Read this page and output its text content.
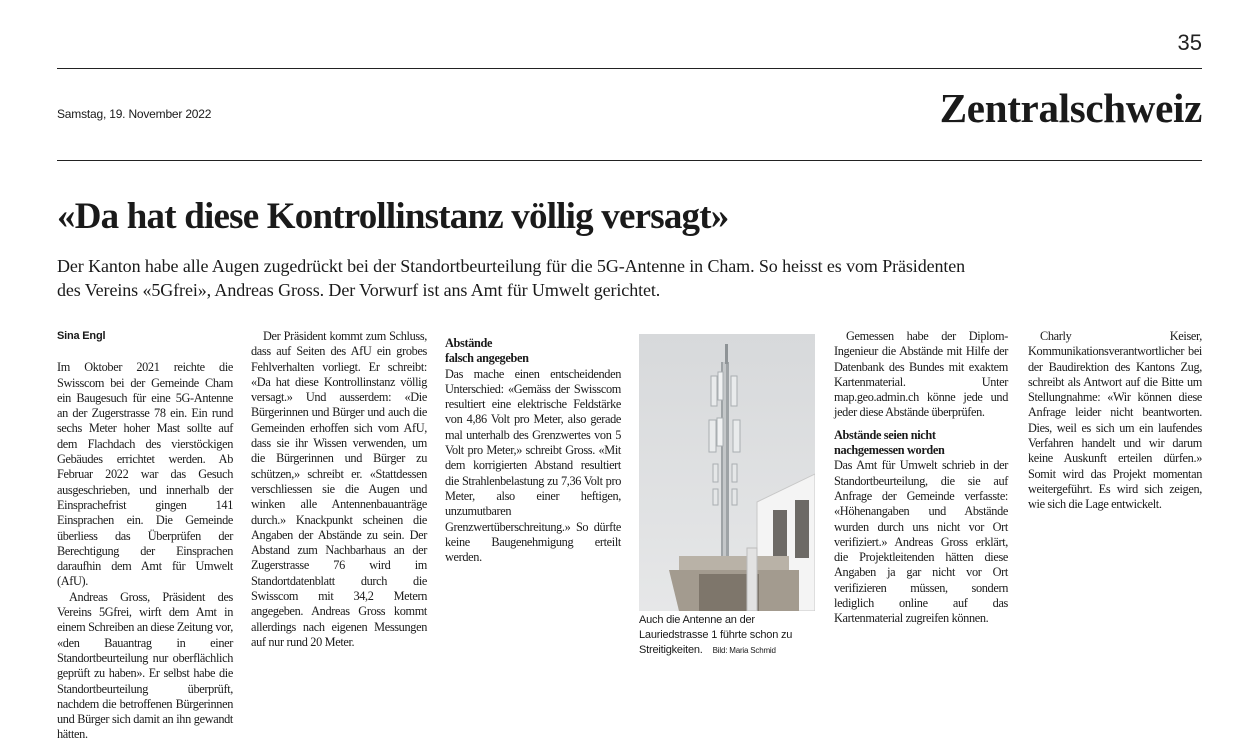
35
Samstag, 19. November 2022	Zentralschweiz
«Da hat diese Kontrollinstanz völlig versagt»
Der Kanton habe alle Augen zugedrückt bei der Standortbeurteilung für die 5G-Antenne in Cham. So heisst es vom Präsidenten
des Vereins «5Gfrei», Andreas Gross. Der Vorwurf ist ans Amt für Umwelt gerichtet.

Sina Engl

Im Oktober 2021 reichte die Swisscom bei der Gemeinde Cham ein Baugesuch für eine 5G-Antenne an der Zugerstrasse 78 ein. Ein rund sechs Meter hoher Mast sollte auf dem Flachdach des vierstöckigen Gebäudes errichtet werden. Ab Februar 2022 war das Gesuch ausgeschrieben, und innerhalb der Einsprachefrist gingen 141 Einsprachen ein. Die Gemeinde überliess das Überprüfen der Berechtigung der Einsprachen daraufhin dem Amt für Umwelt (AfU).

Andreas Gross, Präsident des Vereins 5Gfrei, wirft dem Amt in einem Schreiben an diese Zeitung vor, «den Bauantrag in einer Standortbeurteilung nur oberflächlich geprüft zu haben». Er selbst habe die Standortbeurteilung überprüft, nachdem die betroffenen Bürgerinnen und Bürger sich damit an ihn gewandt hätten.

Der Präsident kommt zum Schluss, dass auf Seiten des AfU ein grobes Fehlverhalten vorliegt. Er schreibt: «Da hat diese Kontrollinstanz völlig versagt.» Und ausserdem: «Die Bürgerinnen und Bürger und auch die Gemeinden erhoffen sich vom AfU, dass sie ihr Wissen verwenden, um die Bürgerinnen und Bürger zu schützen,» schreibt er. «Stattdessen verschliessen sie die Augen und winken alle Antennenbauanträge durch.» Knackpunkt scheinen die Angaben der Abstände zu sein. Der Abstand zum Nachbarhaus an der Zugerstrasse 76 wird im Standortdatenblatt durch die Swisscom mit 34,2 Metern angegeben. Andreas Gross kommt allerdings nach eigenen Messungen auf nur rund 20 Meter.

Abstände
falsch angegeben

Das mache einen entscheidenden Unterschied: «Gemäss der Swisscom resultiert eine elektrische Feldstärke von 4,86 Volt pro Meter, also gerade mal unterhalb des Grenzwertes von 5 Volt pro Meter,» schreibt Gross. «Mit dem korrigierten Abstand resultiert die Strahlenbelastung zu 7,36 Volt pro Meter, also einer heftigen, unzumutbaren Grenzwertüberschreitung.» So dürfte keine Baugenehmigung erteilt werden.

Auch die Antenne an der Lauriedstrasse 1 führte schon zu Streitigkeiten. Bild: Maria Schmid

Gemessen habe der Diplom-Ingenieur die Abstände mit Hilfe der Datenbank des Bundes mit exaktem Kartenmaterial. Unter map.geo.admin.ch könne jede und jeder diese Abstände überprüfen.

Abstände seien nicht
nachgemessen worden

Das Amt für Umwelt schrieb in der Standortbeurteilung, die sie auf Anfrage der Gemeinde verfasste: «Höhenangaben und Abstände wurden durch uns nicht vor Ort verifiziert.» Andreas Gross erklärt, die Projektleitenden hätten diese Angaben ja gar nicht vor Ort verifizieren müssen, sondern lediglich online auf das Kartenmaterial zugreifen können.

Charly Keiser, Kommunikationsverantwortlicher bei der Baudirektion des Kantons Zug, schreibt als Antwort auf die Bitte um Stellungnahme: «Wir können diese Anfrage leider nicht beantworten. Dies, weil es sich um ein laufendes Verfahren handelt und wir darum keine Auskunft erteilen dürfen.» Somit wird das Projekt momentan weitergeführt. Es wird sich zeigen, wie sich die Lage entwickelt.
